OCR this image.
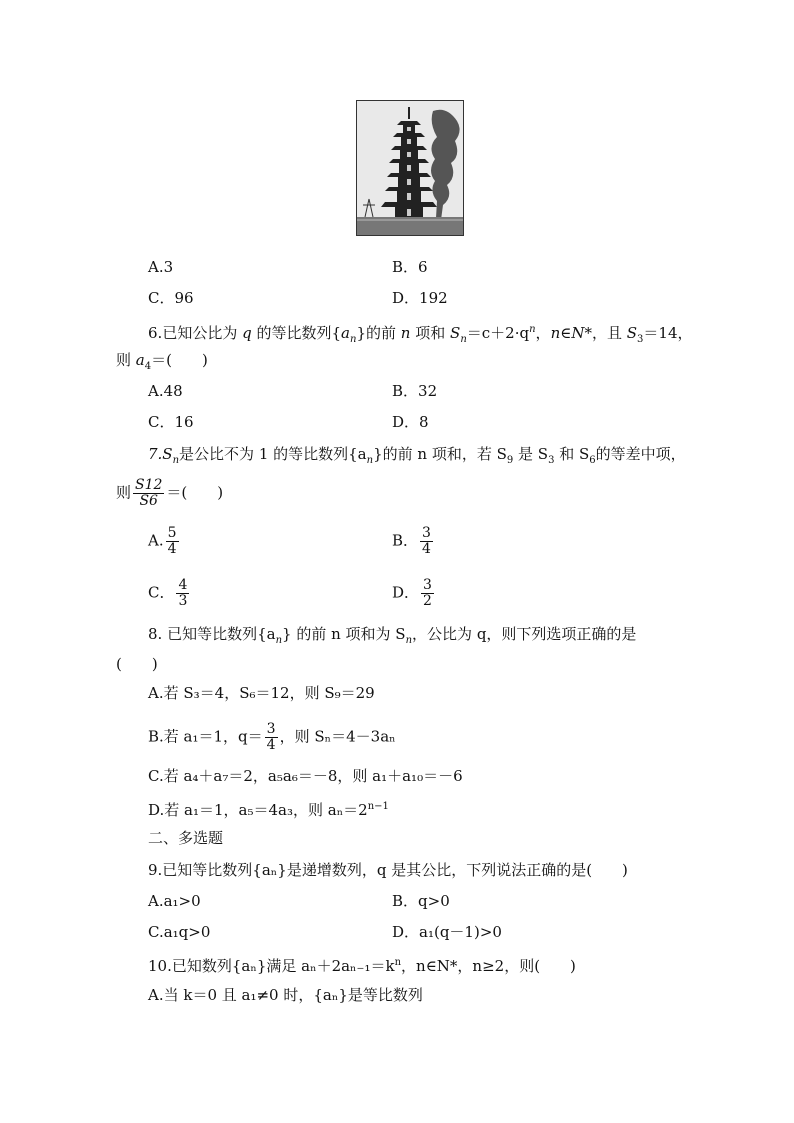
A.3	B．6
C．96	D．192
6.已知公比为 q 的等比数列$\{a_n\}$的前 n 项和 $S_n=c+2\cdot q^n$，n∈N*，且 $S_3=14$，
则 $a_4=$(　　)
A.48	B．32
C．16	D．8
$7.S_n$是公比不为 1 的等比数列$\{a_n\}$的前 n 项和，若 $S_9$ 是 $S_3$ 和 $S_6$的等差中项，
则 $\frac{S12}{S6}$ ＝(　　)
A. $\frac{5}{4}$	B． $\frac{3}{4}$
C． $\frac{4}{3}$	D． $\frac{3}{2}$
8. 已知等比数列$\{a_n\}$ 的前 n 项和为 $S_n$，公比为 q，则下列选项正确的是
(　　)
A.若 S₃＝4，S₆＝12，则 S₉＝29
B.若 a₁＝1，$q= \frac{3}{4}$ ，则 Sₙ＝4－3aₙ
C.若 a₄＋a₇＝2，a₅a₆＝－8，则 a₁＋a₁₀＝－6
D.若 a₁＝1，a₅＝4a₃，则 $a_n=2^{n-1}$
二、多选题
9.已知等比数列{aₙ}是递增数列，q 是其公比，下列说法正确的是(　　)
A.a₁>0	B．q>0
C.a₁q>0	D．a₁(q－1)>0
10.已知数列{aₙ}满足 $a_n+2a_{n-1}=k^n$，n∈N*，n≥2，则(　　)
A.当 k＝0 且 a₁≠0 时，{aₙ}是等比数列
